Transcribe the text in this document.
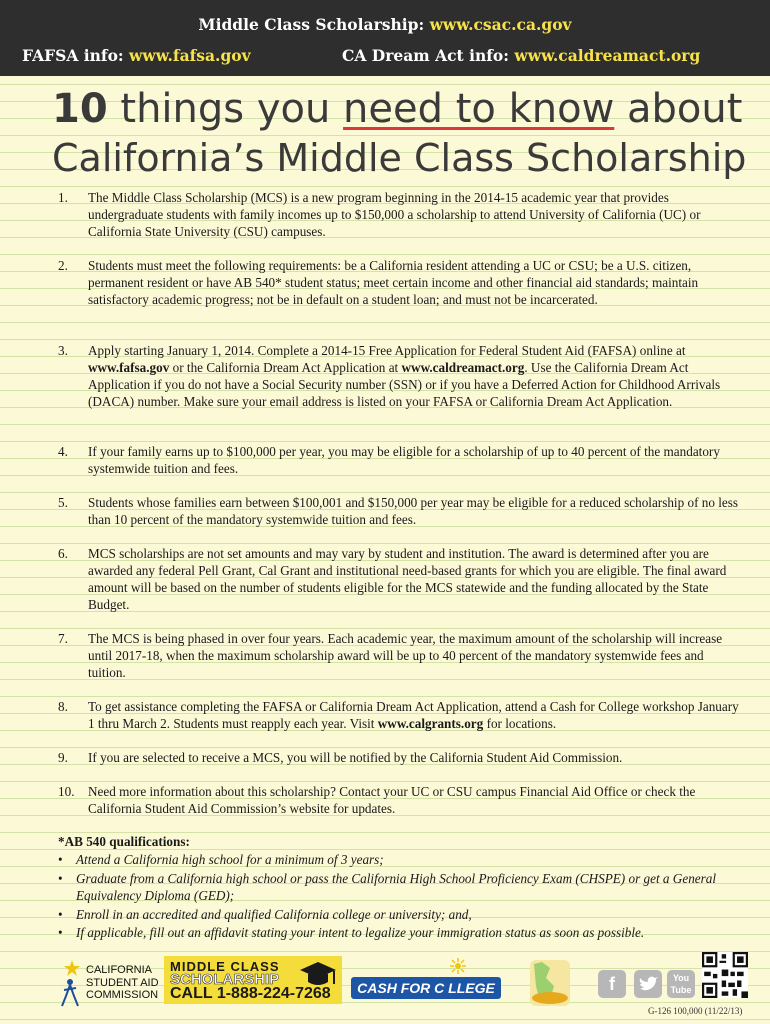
Middle Class Scholarship: www.csac.ca.gov
FAFSA info: www.fafsa.gov	CA Dream Act info: www.caldreamact.org
10 things you need to know about
California’s Middle Class Scholarship
1. The Middle Class Scholarship (MCS) is a new program beginning in the 2014-15 academic year that provides undergraduate students with family incomes up to $150,000 a scholarship to attend University of California (UC) or California State University (CSU) campuses.
2. Students must meet the following requirements: be a California resident attending a UC or CSU; be a U.S. citizen, permanent resident or have AB 540* student status; meet certain income and other financial aid standards; maintain satisfactory academic progress; not be in default on a student loan; and must not be incarcerated.
3. Apply starting January 1, 2014. Complete a 2014-15 Free Application for Federal Student Aid (FAFSA) online at www.fafsa.gov or the California Dream Act Application at www.caldreamact.org. Use the California Dream Act Application if you do not have a Social Security number (SSN) or if you have a Deferred Action for Childhood Arrivals (DACA) number. Make sure your email address is listed on your FAFSA or California Dream Act Application.
4. If your family earns up to $100,000 per year, you may be eligible for a scholarship of up to 40 percent of the mandatory systemwide tuition and fees.
5. Students whose families earn between $100,001 and $150,000 per year may be eligible for a reduced scholarship of no less than 10 percent of the mandatory systemwide tuition and fees.
6. MCS scholarships are not set amounts and may vary by student and institution. The award is determined after you are awarded any federal Pell Grant, Cal Grant and institutional need-based grants for which you are eligible. The final award amount will be based on the number of students eligible for the MCS statewide and the funding allocated by the State Budget.
7. The MCS is being phased in over four years. Each academic year, the maximum amount of the scholarship will increase until 2017-18, when the maximum scholarship award will be up to 40 percent of the mandatory systemwide fees and tuition.
8. To get assistance completing the FAFSA or California Dream Act Application, attend a Cash for College workshop January 1 thru March 2. Students must reapply each year. Visit www.calgrants.org for locations.
9. If you are selected to receive a MCS, you will be notified by the California Student Aid Commission.
10. Need more information about this scholarship? Contact your UC or CSU campus Financial Aid Office or check the California Student Aid Commission’s website for updates.
*AB 540 qualifications:
• Attend a California high school for a minimum of 3 years;
• Graduate from a California high school or pass the California High School Proficiency Exam (CHSPE) or get a General Equivalency Diploma (GED);
• Enroll in an accredited and qualified California college or university; and,
• If applicable, fill out an affidavit stating your intent to legalize your immigration status as soon as possible.
CALIFORNIA
STUDENT AID
COMMISSION
MIDDLE CLASS
SCHOLARSHIP
CALL 1-888-224-7268	CASH FOR C LLEGE	f	You
Tube
G-126 100,000 (11/22/13)
